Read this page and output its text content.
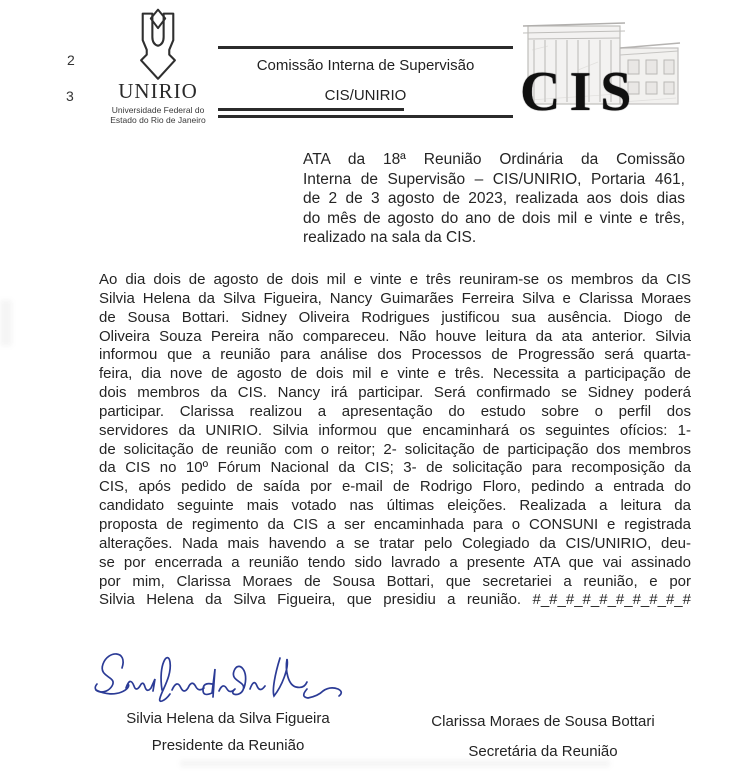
2
3	UNIRIO
Universidade Federal do
Estado do Rio de Janeiro
Comissão Interna de Supervisão
CIS/UNIRIO	CIS
ATA da 18ª Reunião Ordinária da Comissão
Interna de Supervisão – CIS/UNIRIO, Portaria 461,
de 2 de 3 agosto de 2023, realizada aos dois dias
do mês de agosto do ano de dois mil e vinte e três,
realizado na sala da CIS.
Ao dia dois de agosto de dois mil e vinte e três reuniram-se os membros da CIS
Silvia Helena da Silva Figueira, Nancy Guimarães Ferreira Silva e Clarissa Moraes
de Sousa Bottari. Sidney Oliveira Rodrigues justificou sua ausência. Diogo de
Oliveira Souza Pereira não compareceu. Não houve leitura da ata anterior. Silvia
informou que a reunião para análise dos Processos de Progressão será quarta-
feira, dia nove de agosto de dois mil e vinte e três. Necessita a participação de
dois membros da CIS. Nancy irá participar. Será confirmado se Sidney poderá
participar. Clarissa realizou a apresentação do estudo sobre o perfil dos
servidores da UNIRIO. Silvia informou que encaminhará os seguintes ofícios: 1-
de solicitação de reunião com o reitor; 2- solicitação de participação dos membros
da CIS no 10º Fórum Nacional da CIS; 3- de solicitação para recomposição da
CIS, após pedido de saída por e-mail de Rodrigo Floro, pedindo a entrada do
candidato seguinte mais votado nas últimas eleições. Realizada a leitura da
proposta de regimento da CIS a ser encaminhada para o CONSUNI e registrada
alterações. Nada mais havendo a se tratar pelo Colegiado da CIS/UNIRIO, deu-
se por encerrada a reunião tendo sido lavrado a presente ATA que vai assinado
por mim, Clarissa Moraes de Sousa Bottari, que secretariei a reunião, e por
Silvia Helena da Silva Figueira, que presidiu a reunião. #_#_#_#_#_#_#_#_#_#
Silvia Helena da Silva Figueira
Presidente da Reunião
Clarissa Moraes de Sousa Bottari
Secretária da Reunião
